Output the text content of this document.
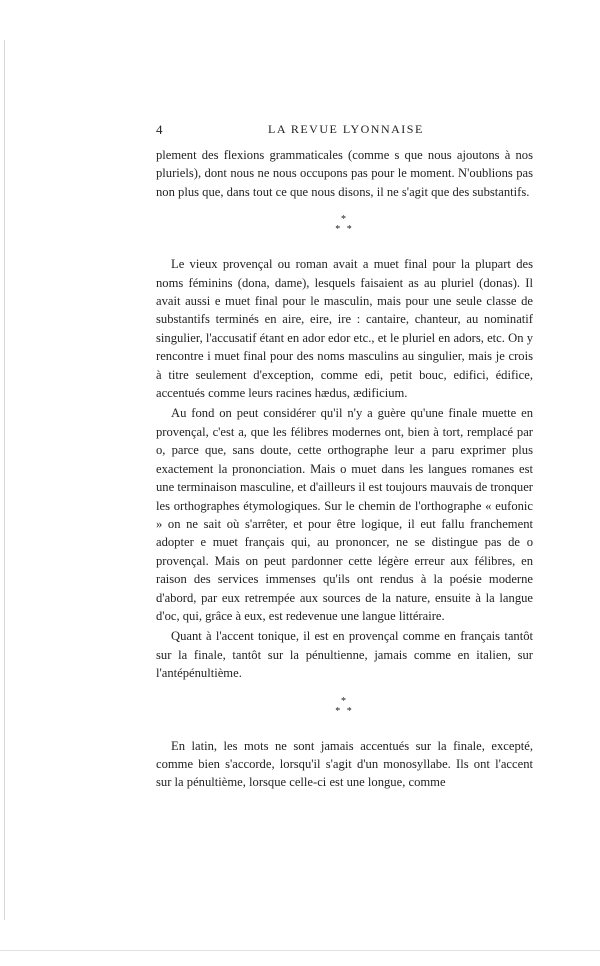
4	LA REVUE LYONNAISE

plement des flexions grammaticales (comme s que nous ajoutons à nos pluriels), dont nous ne nous occupons pas pour le moment. N'oublions pas non plus que, dans tout ce que nous disons, il ne s'agit que des substantifs.

*
* *

Le vieux provençal ou roman avait a muet final pour la plupart des noms féminins (dona, dame), lesquels faisaient as au pluriel (donas). Il avait aussi e muet final pour le masculin, mais pour une seule classe de substantifs terminés en aire, eire, ire : cantaire, chanteur, au nominatif singulier, l'accusatif étant en ador edor etc., et le pluriel en adors, etc. On y rencontre i muet final pour des noms masculins au singulier, mais je crois à titre seulement d'exception, comme edi, petit bouc, edifici, édifice, accentués comme leurs racines hædus, ædificium.

Au fond on peut considérer qu'il n'y a guère qu'une finale muette en provençal, c'est a, que les félibres modernes ont, bien à tort, remplacé par o, parce que, sans doute, cette orthographe leur a paru exprimer plus exactement la prononciation. Mais o muet dans les langues romanes est une terminaison masculine, et d'ailleurs il est toujours mauvais de tronquer les orthographes étymologiques. Sur le chemin de l'orthographe « eufonic » on ne sait où s'arrêter, et pour être logique, il eut fallu franchement adopter e muet français qui, au prononcer, ne se distingue pas de o provençal. Mais on peut pardonner cette légère erreur aux félibres, en raison des services immenses qu'ils ont rendus à la poésie moderne d'abord, par eux retrempée aux sources de la nature, ensuite à la langue d'oc, qui, grâce à eux, est redevenue une langue littéraire.

Quant à l'accent tonique, il est en provençal comme en français tantôt sur la finale, tantôt sur la pénultienne, jamais comme en italien, sur l'antépénultième.

*
* *

En latin, les mots ne sont jamais accentués sur la finale, excepté, comme bien s'accorde, lorsqu'il s'agit d'un monosyllabe. Ils ont l'accent sur la pénultième, lorsque celle-ci est une longue, comme
